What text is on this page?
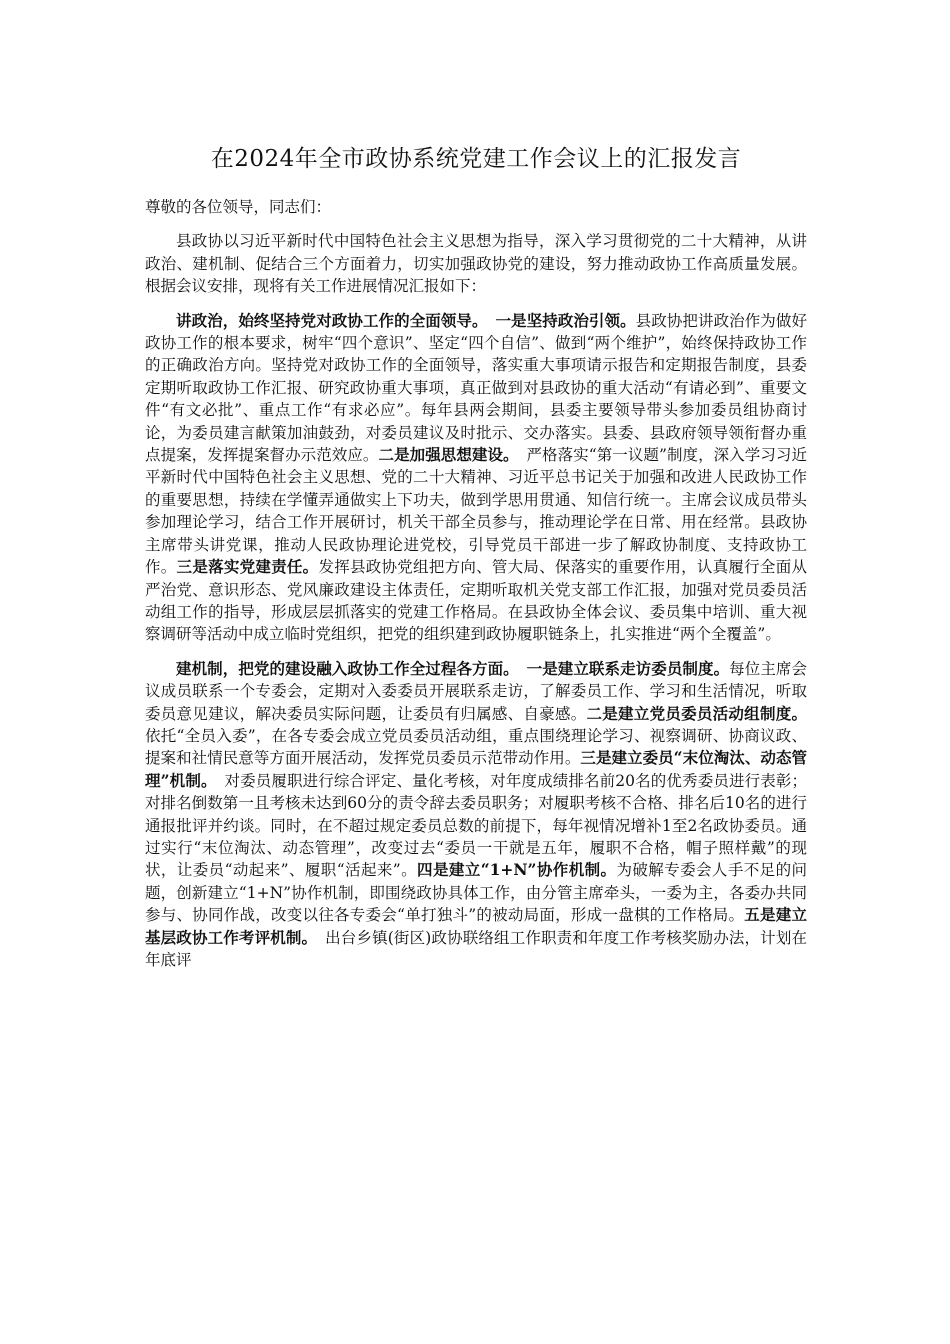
在2024年全市政协系统党建工作会议上的汇报发言

尊敬的各位领导，同志们：

县政协以习近平新时代中国特色社会主义思想为指导，深入学习贯彻党的二十大精神，从讲政治、建机制、促结合三个方面着力，切实加强政协党的建设，努力推动政协工作高质量发展。根据会议安排，现将有关工作进展情况汇报如下：

讲政治，始终坚持党对政协工作的全面领导。　 一是坚持政治引领。县政协把讲政治作为做好政协工作的根本要求，树牢“四个意识”、坚定“四个自信”、做到“两个维护”，始终保持政协工作的正确政治方向。坚持党对政协工作的全面领导，落实重大事项请示报告和定期报告制度，县委定期听取政协工作汇报、研究政协重大事项，真正做到对县政协的重大活动“有请必到”、重要文件“有文必批”、重点工作“有求必应”。每年县两会期间，县委主要领导带头参加委员组协商讨论，为委员建言献策加油鼓劲，对委员建议及时批示、交办落实。县委、县政府领导领衔督办重点提案，发挥提案督办示范效应。二是加强思想建设。　 严格落实“第一议题”制度，深入学习习近平新时代中国特色社会主义思想、党的二十大精神、习近平总书记关于加强和改进人民政协工作的重要思想，持续在学懂弄通做实上下功夫，做到学思用贯通、知信行统一。主席会议成员带头参加理论学习，结合工作开展研讨，机关干部全员参与，推动理论学在日常、用在经常。县政协主席带头讲党课，推动人民政协理论进党校，引导党员干部进一步了解政协制度、支持政协工作。三是落实党建责任。发挥县政协党组把方向、管大局、保落实的重要作用，认真履行全面从严治党、意识形态、党风廉政建设主体责任，定期听取机关党支部工作汇报，加强对党员委员活动组工作的指导，形成层层抓落实的党建工作格局。在县政协全体会议、委员集中培训、重大视察调研等活动中成立临时党组织，把党的组织建到政协履职链条上，扎实推进“两个全覆盖”。

建机制，把党的建设融入政协工作全过程各方面。　 一是建立联系走访委员制度。每位主席会议成员联系一个专委会，定期对入委委员开展联系走访，了解委员工作、学习和生活情况，听取委员意见建议，解决委员实际问题，让委员有归属感、自豪感。二是建立党员委员活动组制度。依托“全员入委”，在各专委会成立党员委员活动组，重点围绕理论学习、视察调研、协商议政、提案和社情民意等方面开展活动，发挥党员委员示范带动作用。三是建立委员“末位淘汰、动态管理”机制。　 对委员履职进行综合评定、量化考核，对年度成绩排名前20名的优秀委员进行表彰；对排名倒数第一且考核未达到60分的责令辞去委员职务；对履职考核不合格、排名后10名的进行通报批评并约谈。同时，在不超过规定委员总数的前提下，每年视情况增补1至2名政协委员。通过实行“末位淘汰、动态管理”，改变过去“委员一干就是五年，履职不合格，帽子照样戴”的现状，让委员“动起来”、履职“活起来”。四是建立“1+N”协作机制。为破解专委会人手不足的问题，创新建立“1+N”协作机制，即围绕政协具体工作，由分管主席牵头，一委为主，各委办共同参与、协同作战，改变以往各专委会“单打独斗”的被动局面，形成一盘棋的工作格局。五是建立基层政协工作考评机制。　 出台乡镇(街区)政协联络组工作职责和年度工作考核奖励办法，计划在年底评
